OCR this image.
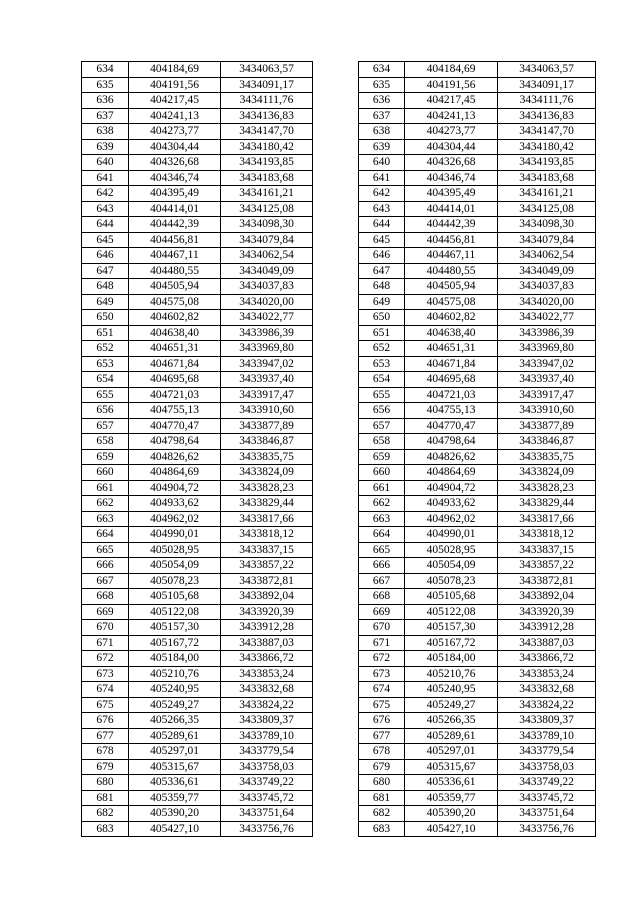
634	404184,69	3434063,57		634	404184,69	3434063,57
635	404191,56	3434091,17		635	404191,56	3434091,17
636	404217,45	3434111,76		636	404217,45	3434111,76
637	404241,13	3434136,83		637	404241,13	3434136,83
638	404273,77	3434147,70		638	404273,77	3434147,70
639	404304,44	3434180,42		639	404304,44	3434180,42
640	404326,68	3434193,85		640	404326,68	3434193,85
641	404346,74	3434183,68		641	404346,74	3434183,68
642	404395,49	3434161,21		642	404395,49	3434161,21
643	404414,01	3434125,08		643	404414,01	3434125,08
644	404442,39	3434098,30		644	404442,39	3434098,30
645	404456,81	3434079,84		645	404456,81	3434079,84
646	404467,11	3434062,54		646	404467,11	3434062,54
647	404480,55	3434049,09		647	404480,55	3434049,09
648	404505,94	3434037,83		648	404505,94	3434037,83
649	404575,08	3434020,00		649	404575,08	3434020,00
650	404602,82	3434022,77		650	404602,82	3434022,77
651	404638,40	3433986,39		651	404638,40	3433986,39
652	404651,31	3433969,80		652	404651,31	3433969,80
653	404671,84	3433947,02		653	404671,84	3433947,02
654	404695,68	3433937,40		654	404695,68	3433937,40
655	404721,03	3433917,47		655	404721,03	3433917,47
656	404755,13	3433910,60		656	404755,13	3433910,60
657	404770,47	3433877,89		657	404770,47	3433877,89
658	404798,64	3433846,87		658	404798,64	3433846,87
659	404826,62	3433835,75		659	404826,62	3433835,75
660	404864,69	3433824,09		660	404864,69	3433824,09
661	404904,72	3433828,23		661	404904,72	3433828,23
662	404933,62	3433829,44		662	404933,62	3433829,44
663	404962,02	3433817,66		663	404962,02	3433817,66
664	404990,01	3433818,12		664	404990,01	3433818,12
665	405028,95	3433837,15		665	405028,95	3433837,15
666	405054,09	3433857,22		666	405054,09	3433857,22
667	405078,23	3433872,81		667	405078,23	3433872,81
668	405105,68	3433892,04		668	405105,68	3433892,04
669	405122,08	3433920,39		669	405122,08	3433920,39
670	405157,30	3433912,28		670	405157,30	3433912,28
671	405167,72	3433887,03		671	405167,72	3433887,03
672	405184,00	3433866,72		672	405184,00	3433866,72
673	405210,76	3433853,24		673	405210,76	3433853,24
674	405240,95	3433832,68		674	405240,95	3433832,68
675	405249,27	3433824,22		675	405249,27	3433824,22
676	405266,35	3433809,37		676	405266,35	3433809,37
677	405289,61	3433789,10		677	405289,61	3433789,10
678	405297,01	3433779,54		678	405297,01	3433779,54
679	405315,67	3433758,03		679	405315,67	3433758,03
680	405336,61	3433749,22		680	405336,61	3433749,22
681	405359,77	3433745,72		681	405359,77	3433745,72
682	405390,20	3433751,64		682	405390,20	3433751,64
683	405427,10	3433756,76		683	405427,10	3433756,76
